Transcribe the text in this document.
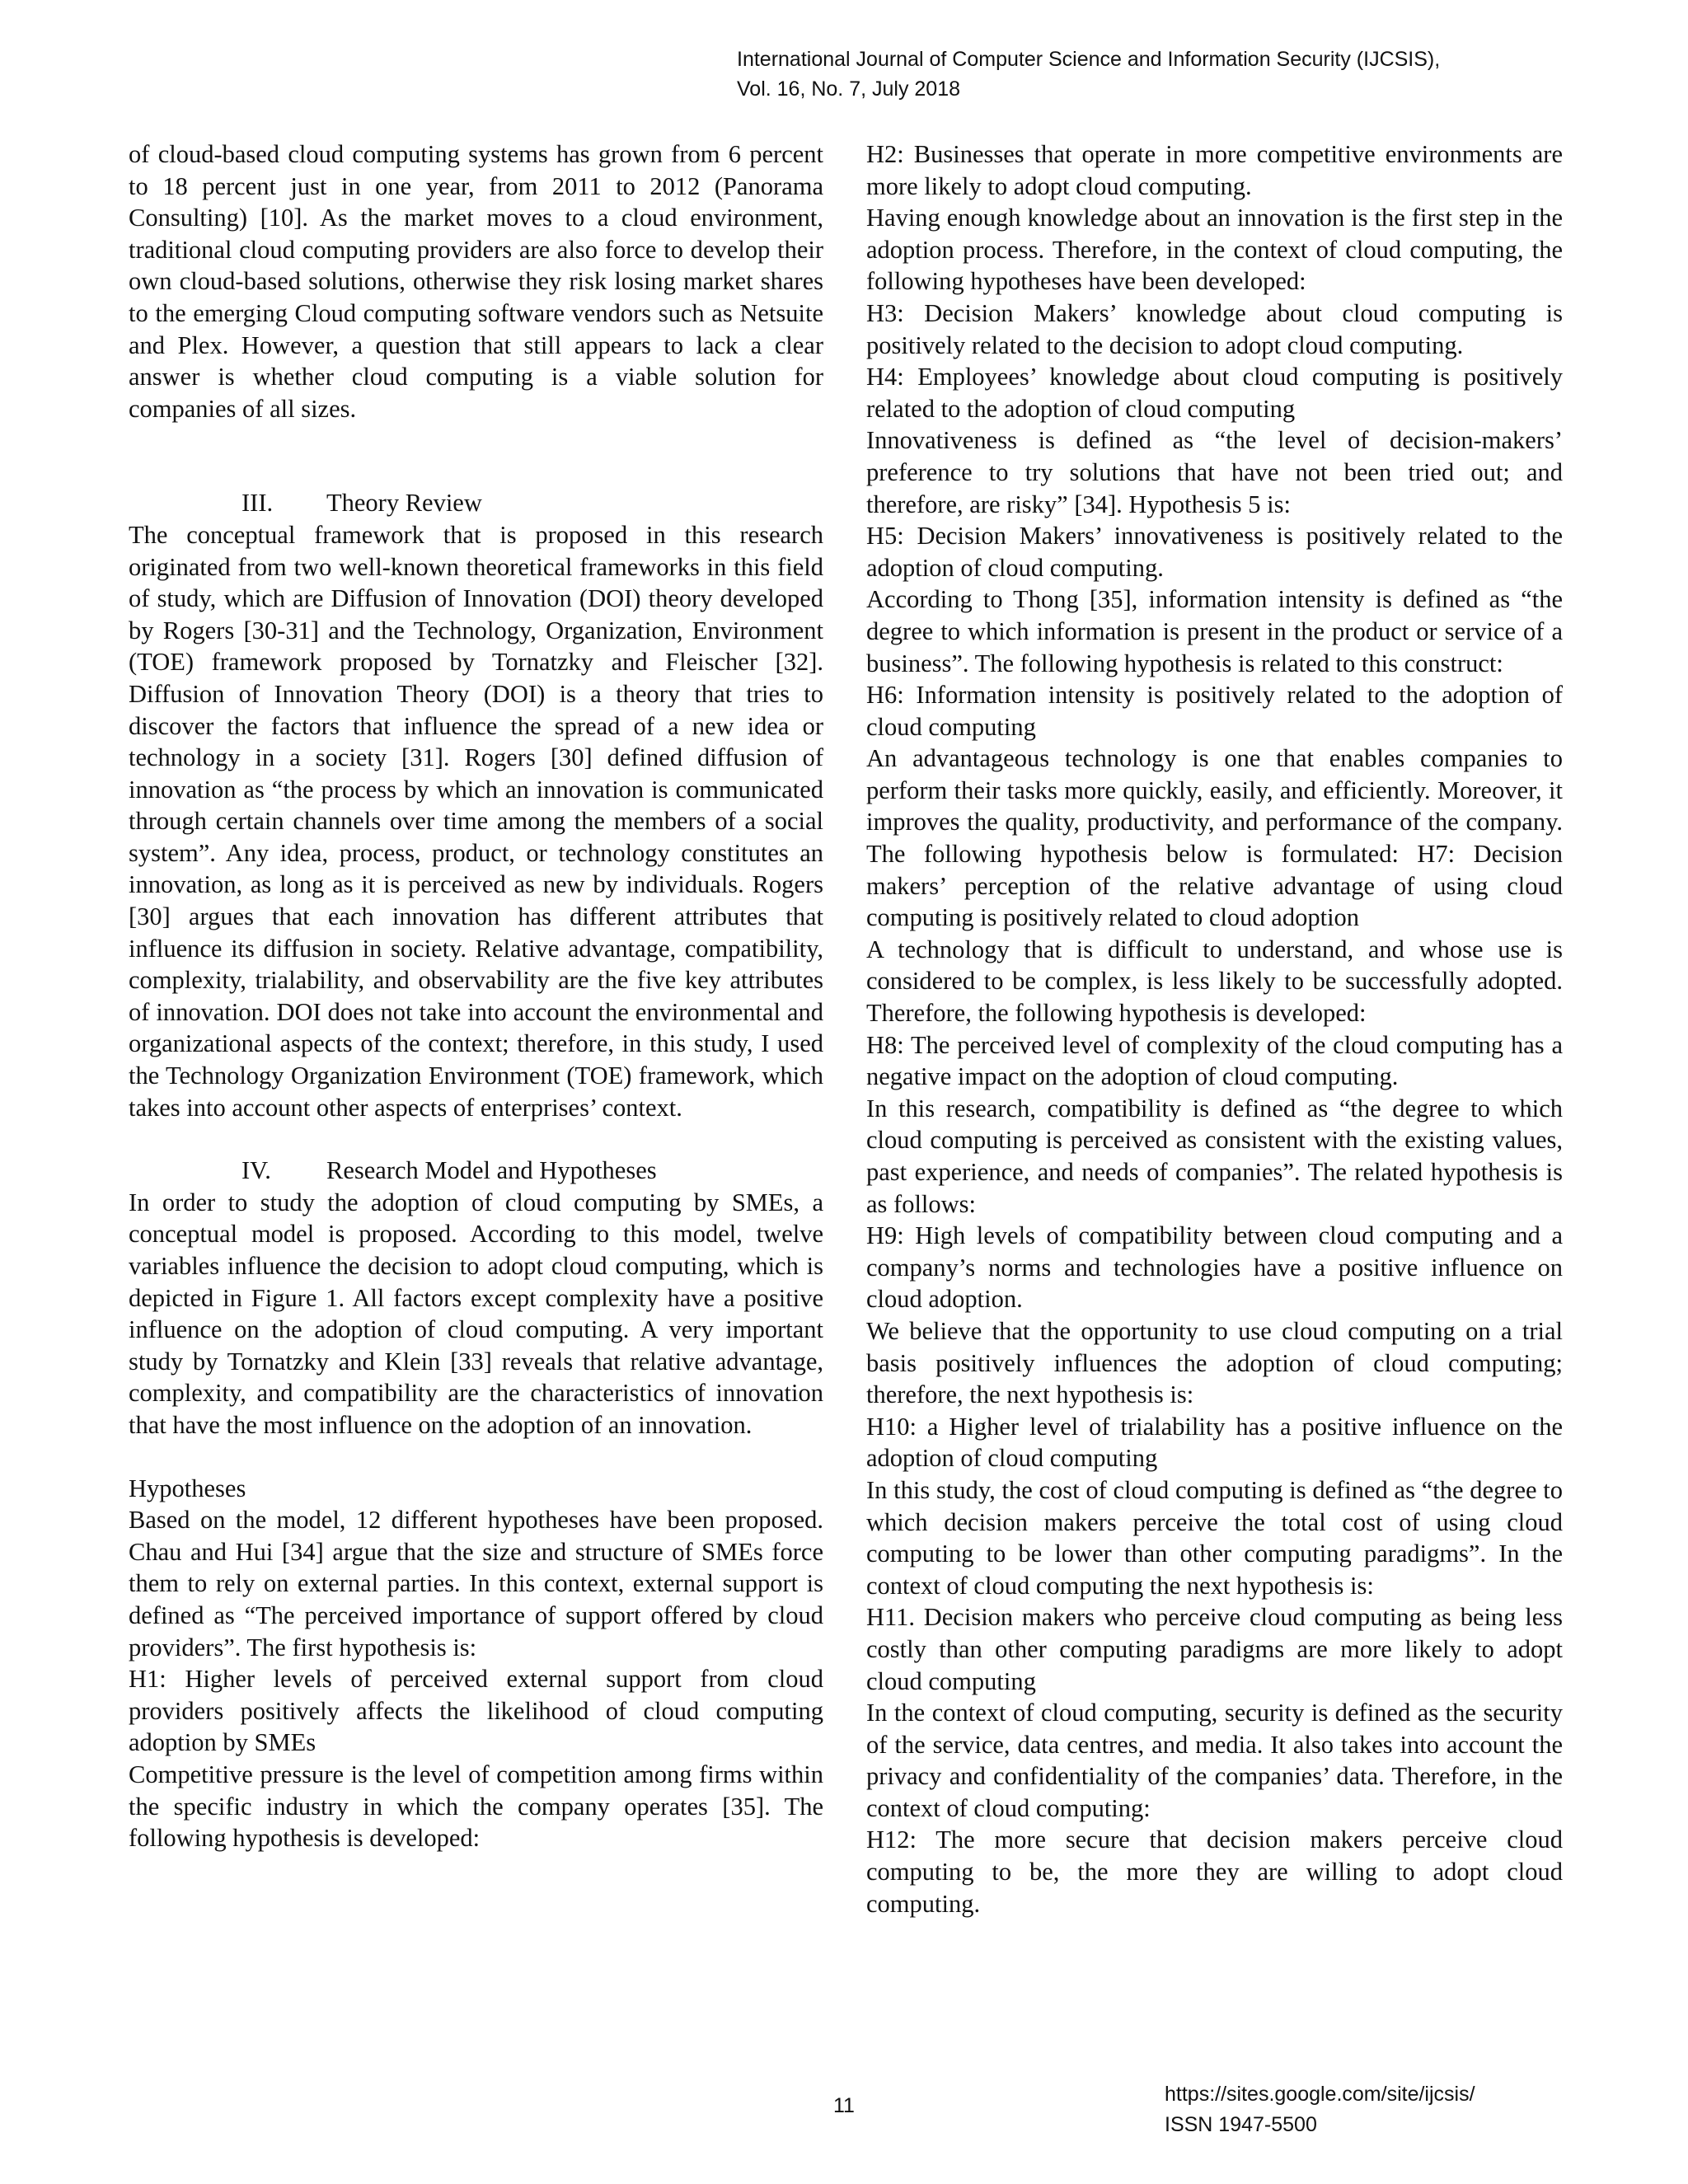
International Journal of Computer Science and Information Security (IJCSIS),
Vol. 16, No. 7, July 2018

of cloud-based cloud computing systems has grown from 6 percent to 18 percent just in one year, from 2011 to 2012 (Panorama Consulting) [10]. As the market moves to a cloud environment, traditional cloud computing providers are also force to develop their own cloud-based solutions, otherwise they risk losing market shares to the emerging Cloud computing software vendors such as Netsuite and Plex. However, a question that still appears to lack a clear answer is whether cloud computing is a viable solution for companies of all sizes.

III. Theory Review

The conceptual framework that is proposed in this research originated from two well-known theoretical frameworks in this field of study, which are Diffusion of Innovation (DOI) theory developed by Rogers [30-31] and the Technology, Organization, Environment (TOE) framework proposed by Tornatzky and Fleischer [32]. Diffusion of Innovation Theory (DOI) is a theory that tries to discover the factors that influence the spread of a new idea or technology in a society [31]. Rogers [30] defined diffusion of innovation as “the process by which an innovation is communicated through certain channels over time among the members of a social system”. Any idea, process, product, or technology constitutes an innovation, as long as it is perceived as new by individuals. Rogers [30] argues that each innovation has different attributes that influence its diffusion in society. Relative advantage, compatibility, complexity, trialability, and observability are the five key attributes of innovation. DOI does not take into account the environmental and organizational aspects of the context; therefore, in this study, I used the Technology Organization Environment (TOE) framework, which takes into account other aspects of enterprises’ context.

IV. Research Model and Hypotheses

In order to study the adoption of cloud computing by SMEs, a conceptual model is proposed. According to this model, twelve variables influence the decision to adopt cloud computing, which is depicted in Figure 1. All factors except complexity have a positive influence on the adoption of cloud computing. A very important study by Tornatzky and Klein [33] reveals that relative advantage, complexity, and compatibility are the characteristics of innovation that have the most influence on the adoption of an innovation.

Hypotheses

Based on the model, 12 different hypotheses have been proposed. Chau and Hui [34] argue that the size and structure of SMEs force them to rely on external parties. In this context, external support is defined as “The perceived importance of support offered by cloud providers”. The first hypothesis is:

H1: Higher levels of perceived external support from cloud providers positively affects the likelihood of cloud computing adoption by SMEs

Competitive pressure is the level of competition among firms within the specific industry in which the company operates [35]. The following hypothesis is developed:

H2: Businesses that operate in more competitive environments are more likely to adopt cloud computing.

Having enough knowledge about an innovation is the first step in the adoption process. Therefore, in the context of cloud computing, the following hypotheses have been developed:

H3: Decision Makers’ knowledge about cloud computing is positively related to the decision to adopt cloud computing.

H4: Employees’ knowledge about cloud computing is positively related to the adoption of cloud computing

Innovativeness is defined as “the level of decision-makers’ preference to try solutions that have not been tried out; and therefore, are risky” [34]. Hypothesis 5 is:

H5: Decision Makers’ innovativeness is positively related to the adoption of cloud computing.

According to Thong [35], information intensity is defined as “the degree to which information is present in the product or service of a business”. The following hypothesis is related to this construct:

H6: Information intensity is positively related to the adoption of cloud computing

An advantageous technology is one that enables companies to perform their tasks more quickly, easily, and efficiently. Moreover, it improves the quality, productivity, and performance of the company. The following hypothesis below is formulated: H7: Decision makers’ perception of the relative advantage of using cloud computing is positively related to cloud adoption

A technology that is difficult to understand, and whose use is considered to be complex, is less likely to be successfully adopted. Therefore, the following hypothesis is developed:

H8: The perceived level of complexity of the cloud computing has a negative impact on the adoption of cloud computing.

In this research, compatibility is defined as “the degree to which cloud computing is perceived as consistent with the existing values, past experience, and needs of companies”. The related hypothesis is as follows:

H9: High levels of compatibility between cloud computing and a company’s norms and technologies have a positive influence on cloud adoption.

We believe that the opportunity to use cloud computing on a trial basis positively influences the adoption of cloud computing; therefore, the next hypothesis is:

H10: a Higher level of trialability has a positive influence on the adoption of cloud computing

In this study, the cost of cloud computing is defined as “the degree to which decision makers perceive the total cost of using cloud computing to be lower than other computing paradigms”. In the context of cloud computing the next hypothesis is:

H11. Decision makers who perceive cloud computing as being less costly than other computing paradigms are more likely to adopt cloud computing

In the context of cloud computing, security is defined as the security of the service, data centres, and media. It also takes into account the privacy and confidentiality of the companies’ data. Therefore, in the context of cloud computing:

H12: The more secure that decision makers perceive cloud computing to be, the more they are willing to adopt cloud computing.

11	https://sites.google.com/site/ijcsis/
ISSN 1947-5500
